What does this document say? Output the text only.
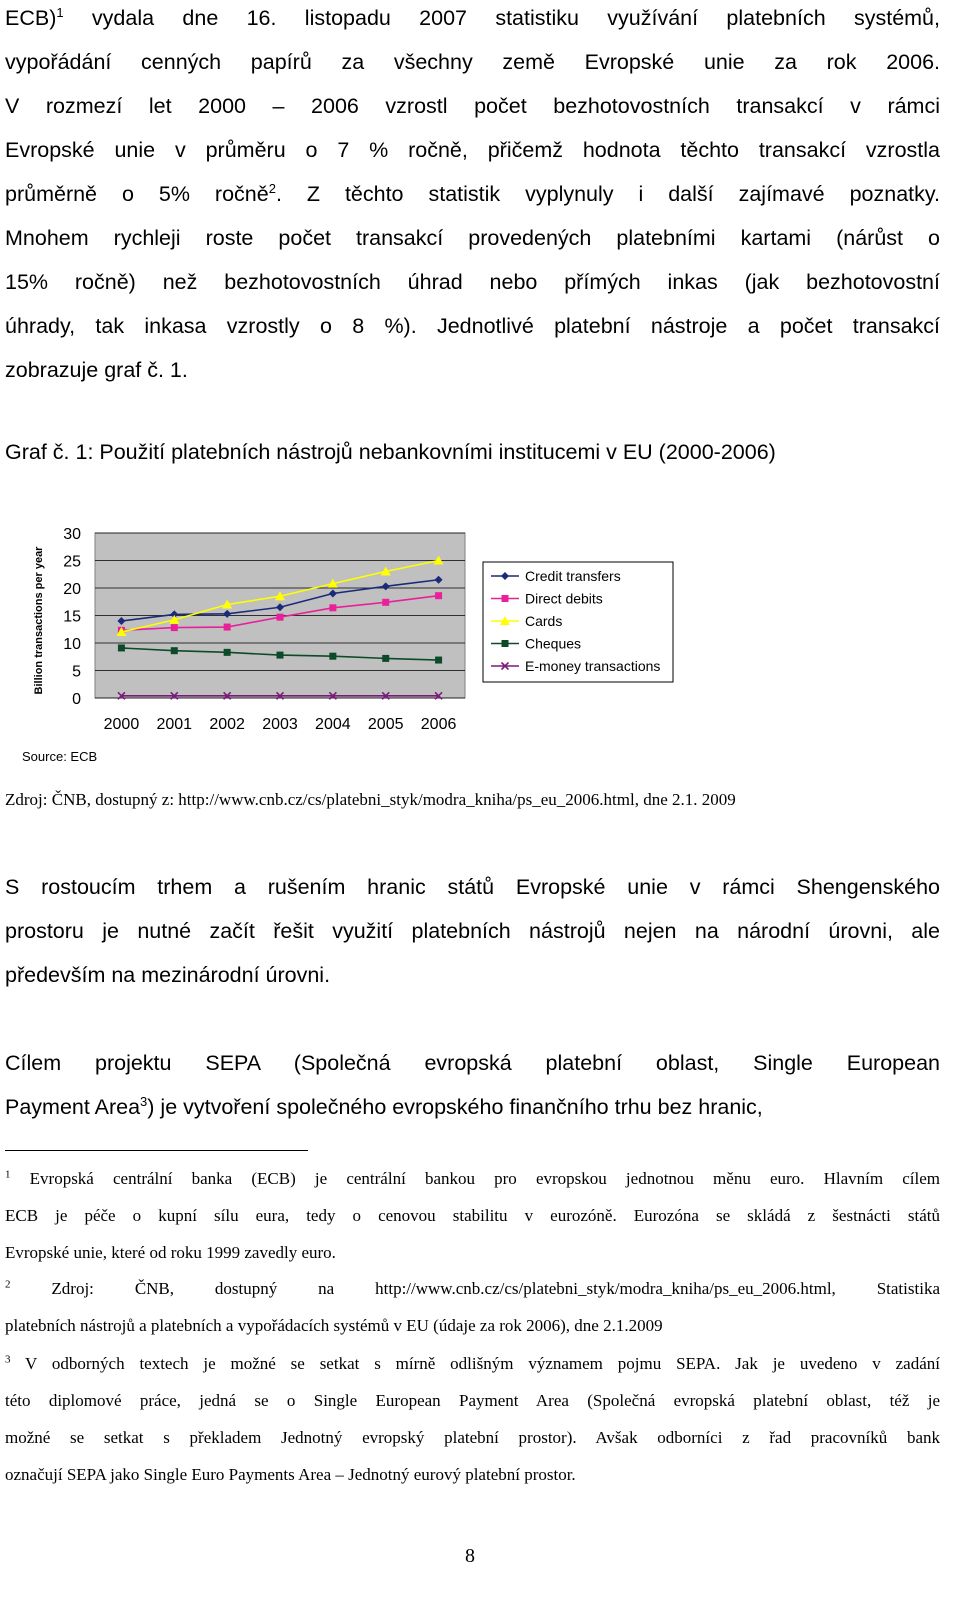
ECB)$^1$ vydala dne 16. listopadu 2007 statistiku využívání platebních systémů,
vypořádání cenných papírů za všechny země Evropské unie za rok 2006.
V rozmezí let 2000 – 2006 vzrostl počet bezhotovostních transakcí v rámci
Evropské unie v průměru o 7 % ročně, přičemž hodnota těchto transakcí vzrostla
průměrně o 5% ročně$^2$. Z těchto statistik vyplynuly i další zajímavé poznatky.
Mnohem rychleji roste počet transakcí provedených platebními kartami (nárůst o
15% ročně) než bezhotovostních úhrad nebo přímých inkas (jak bezhotovostní
úhrady, tak inkasa vzrostly o 8 %). Jednotlivé platební nástroje a počet transakcí
zobrazuje graf č. 1.
Graf č. 1: Použití platebních nástrojů nebankovními institucemi v EU (2000-2006)
0
5
10
15
20
25
30
2000 2001 2002 2003 2004 2005 2006
Billion transactions per year	Credit transfers
Direct debits
Cards
Cheques
E-money transactions
Source: ECB
Zdroj: ČNB, dostupný z: http://www.cnb.cz/cs/platebni_styk/modra_kniha/ps_eu_2006.html, dne 2.1. 2009
S rostoucím trhem a rušením hranic států Evropské unie v rámci Shengenského
prostoru je nutné začít řešit využití platebních nástrojů nejen na národní úrovni, ale
především na mezinárodní úrovni.
Cílem projektu SEPA (Společná evropská platební oblast, Single European
Payment Area$^3$) je vytvoření společného evropského finančního trhu bez hranic,
$^1$ Evropská centrální banka (ECB) je centrální bankou pro evropskou jednotnou měnu euro. Hlavním cílem
ECB je péče o kupní sílu eura, tedy o cenovou stabilitu v eurozóně. Eurozóna se skládá z šestnácti států
Evropské unie, které od roku 1999 zavedly euro.
$^2$ Zdroj: ČNB, dostupný na http://www.cnb.cz/cs/platebni_styk/modra_kniha/ps_eu_2006.html, Statistika
platebních nástrojů a platebních a vypořádacích systémů v EU (údaje za rok 2006), dne 2.1.2009
$^3$ V odborných textech je možné se setkat s mírně odlišným významem pojmu SEPA. Jak je uvedeno v zadání
této diplomové práce, jedná se o Single European Payment Area (Společná evropská platební oblast, též je
možné se setkat s překladem Jednotný evropský platební prostor). Avšak odborníci z řad pracovníků bank
označují SEPA jako Single Euro Payments Area – Jednotný eurový platební prostor.
8
